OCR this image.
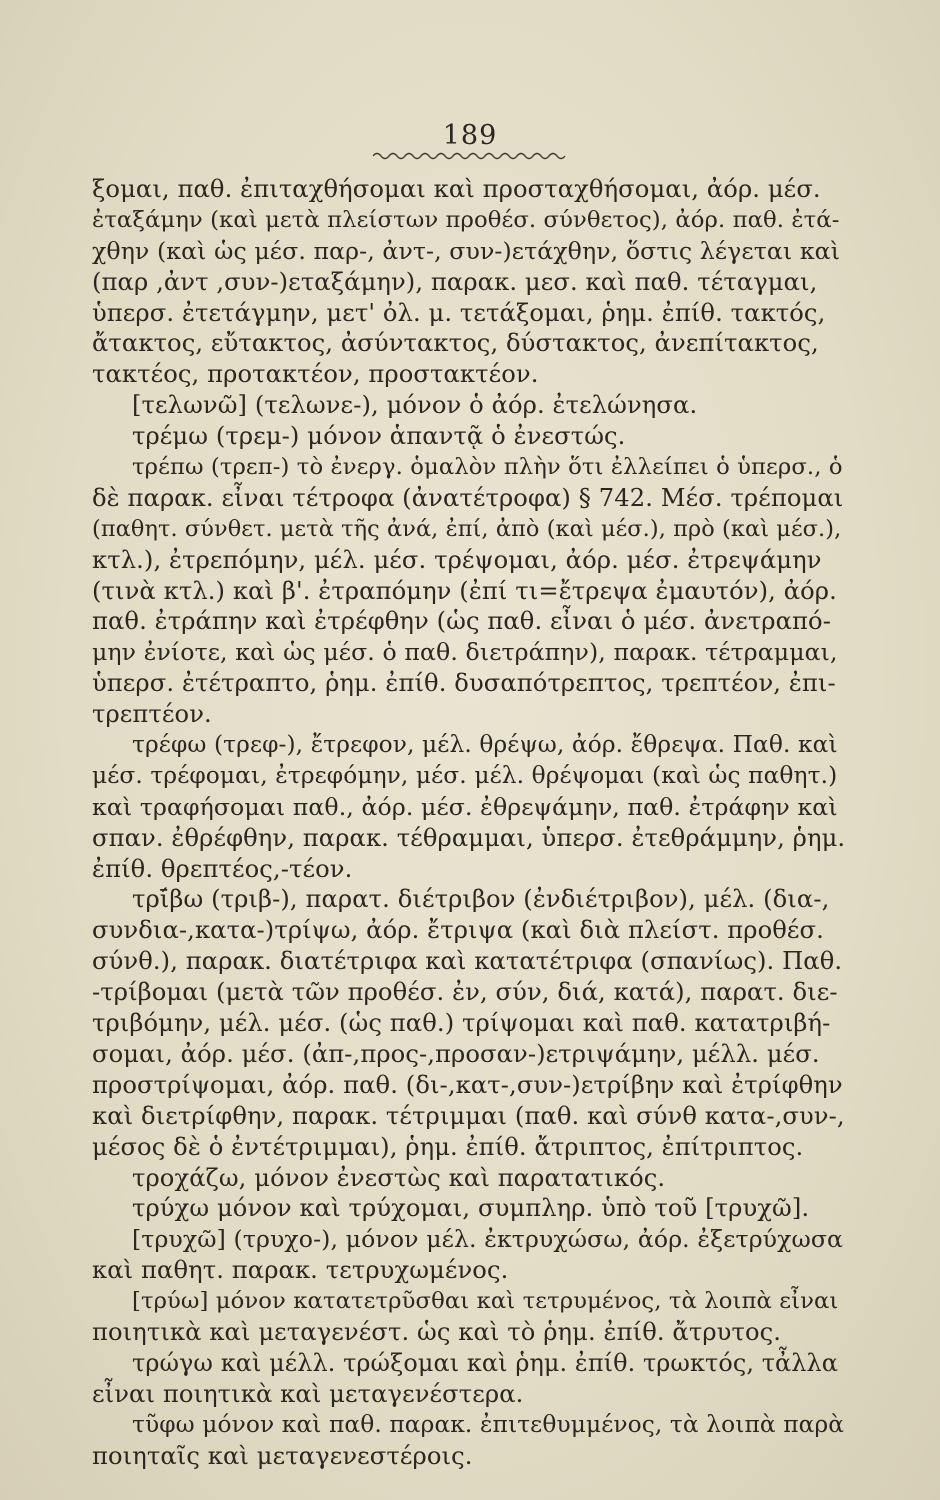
189
ξομαι, παθ. ἐπιταχθήσομαι καὶ προσταχθήσομαι, ἀόρ. μέσ.
ἐταξάμην (καὶ μετὰ πλείστων προθέσ. σύνθετος), ἀόρ. παθ. ἐτά-
χθην (καὶ ὡς μέσ. παρ-, ἀντ-, συν-)ετάχθην, ὅστις λέγεται καὶ
(παρ ,ἀντ ,συν-)εταξάμην), παρακ. μεσ. καὶ παθ. τέταγμαι,
ὑπερσ. ἐτετάγμην, μετ' ὀλ. μ. τετάξομαι, ῥημ. ἐπίθ. τακτός,
ἄτακτος, εὔτακτος, ἀσύντακτος, δύστακτος, ἀνεπίτακτος,
τακτέος, προτακτέον, προστακτέον.
[τελωνῶ] (τελωνε-), μόνον ὁ ἀόρ. ἐτελώνησα.
τρέμω (τρεμ-) μόνον ἁπαντᾷ ὁ ἐνεστώς.
τρέπω (τρεπ-) τὸ ἐνεργ. ὁμαλὸν πλὴν ὅτι ἐλλείπει ὁ ὑπερσ., ὁ
δὲ παρακ. εἶναι τέτροφα (ἀνατέτροφα) § 742. Μέσ. τρέπομαι
(παθητ. σύνθετ. μετὰ τῆς ἀνά, ἐπί, ἀπὸ (καὶ μέσ.), πρὸ (καὶ μέσ.),
κτλ.), ἐτρεπόμην, μέλ. μέσ. τρέψομαι, ἀόρ. μέσ. ἐτρεψάμην
(τινὰ κτλ.) καὶ β'. ἐτραπόμην (ἐπί τι=ἔτρεψα ἐμαυτόν), ἀόρ.
παθ. ἐτράπην καὶ ἐτρέφθην (ὡς παθ. εἶναι ὁ μέσ. ἀνετραπό-
μην ἐνίοτε, καὶ ὡς μέσ. ὁ παθ. διετράπην), παρακ. τέτραμμαι,
ὑπερσ. ἐτέτραπτο, ῥημ. ἐπίθ. δυσαπότρεπτος, τρεπτέον, ἐπι-
τρεπτέον.
τρέφω (τρεφ-), ἔτρεφον, μέλ. θρέψω, ἀόρ. ἔθρεψα. Παθ. καὶ
μέσ. τρέφομαι, ἐτρεφόμην, μέσ. μέλ. θρέψομαι (καὶ ὡς παθητ.)
καὶ τραφήσομαι παθ., ἀόρ. μέσ. ἐθρεψάμην, παθ. ἐτράφην καὶ
σπαν. ἐθρέφθην, παρακ. τέθραμμαι, ὑπερσ. ἐτεθράμμην, ῥημ.
ἐπίθ. θρεπτέος,-τέον.
τρῑ́βω (τριβ-), παρατ. διέτριβον (ἐνδιέτριβον), μέλ. (δια-,
συνδια-,κατα-)τρίψω, ἀόρ. ἔτριψα (καὶ διὰ πλείστ. προθέσ.
σύνθ.), παρακ. διατέτριφα καὶ κατατέτριφα (σπανίως). Παθ.
-τρίβομαι (μετὰ τῶν προθέσ. ἐν, σύν, διά, κατά), παρατ. διε-
τριβόμην, μέλ. μέσ. (ὡς παθ.) τρίψομαι καὶ παθ. κατατριβή-
σομαι, ἀόρ. μέσ. (ἀπ-,προς-,προσαν-)ετριψάμην, μέλλ. μέσ.
προστρίψομαι, ἀόρ. παθ. (δι-,κατ-,συν-)ετρίβην καὶ ἐτρίφθην
καὶ διετρίφθην, παρακ. τέτριμμαι (παθ. καὶ σύνθ κατα-,συν-,
μέσος δὲ ὁ ἐντέτριμμαι), ῥημ. ἐπίθ. ἄτριπτος, ἐπίτριπτος.
τροχάζω, μόνον ἐνεστὼς καὶ παρατατικός.
τρύχω μόνον καὶ τρύχομαι, συμπληρ. ὑπὸ τοῦ [τρυχῶ].
[τρυχῶ] (τρυχο-), μόνον μέλ. ἐκτρυχώσω, ἀόρ. ἐξετρύχωσα
καὶ παθητ. παρακ. τετρυχωμένος.
[τρύω] μόνον κατατετρῦσθαι καὶ τετρυμένος, τὰ λοιπὰ εἶναι
ποιητικὰ καὶ μεταγενέστ. ὡς καὶ τὸ ῥημ. ἐπίθ. ἄτρυτος.
τρώγω καὶ μέλλ. τρώξομαι καὶ ῥημ. ἐπίθ. τρωκτός, τἆλλα
εἶναι ποιητικὰ καὶ μεταγενέστερα.
τῦφω μόνον καὶ παθ. παρακ. ἐπιτεθυμμένος, τὰ λοιπὰ παρὰ
ποιηταῖς καὶ μεταγενεστέροις.
